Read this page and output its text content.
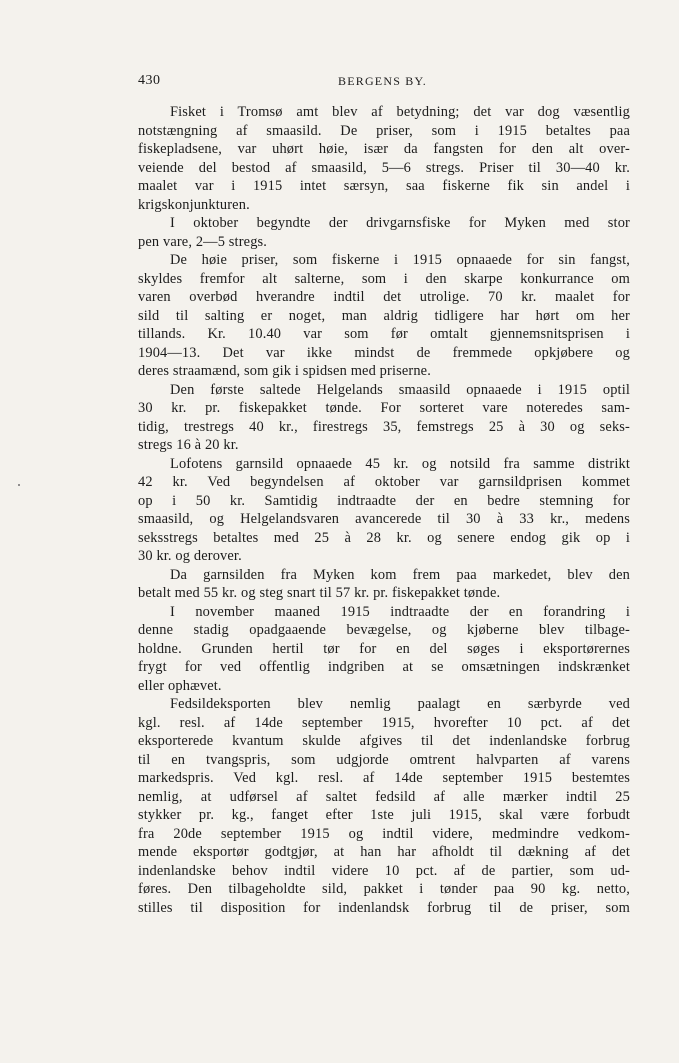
430	BERGENS BY.
Fisket i Tromsø amt blev af betydning; det var dog væsentlig
notstængning af smaasild. De priser, som i 1915 betaltes paa
fiskepladsene, var uhørt høie, især da fangsten for den alt over-
veiende del bestod af smaasild, 5—6 stregs. Priser til 30—40 kr.
maalet var i 1915 intet særsyn, saa fiskerne fik sin andel i
krigskonjunkturen.
I oktober begyndte der drivgarnsfiske for Myken med stor
pen vare, 2—5 stregs.
De høie priser, som fiskerne i 1915 opnaaede for sin fangst,
skyldes fremfor alt salterne, som i den skarpe konkurrance om
varen overbød hverandre indtil det utrolige. 70 kr. maalet for
sild til salting er noget, man aldrig tidligere har hørt om her
tillands. Kr. 10.40 var som før omtalt gjennemsnitsprisen i
1904—13. Det var ikke mindst de fremmede opkjøbere og
deres straamænd, som gik i spidsen med priserne.
Den første saltede Helgelands smaasild opnaaede i 1915 optil
30 kr. pr. fiskepakket tønde. For sorteret vare noteredes sam-
tidig, trestregs 40 kr., firestregs 35, femstregs 25 à 30 og seks-
stregs 16 à 20 kr.
Lofotens garnsild opnaaede 45 kr. og notsild fra samme distrikt
42 kr. Ved begyndelsen af oktober var garnsildprisen kommet
op i 50 kr. Samtidig indtraadte der en bedre stemning for
smaasild, og Helgelandsvaren avancerede til 30 à 33 kr., medens
seksstregs betaltes med 25 à 28 kr. og senere endog gik op i
30 kr. og derover.
Da garnsilden fra Myken kom frem paa markedet, blev den
betalt med 55 kr. og steg snart til 57 kr. pr. fiskepakket tønde.
I november maaned 1915 indtraadte der en forandring i
denne stadig opadgaaende bevægelse, og kjøberne blev tilbage-
holdne. Grunden hertil tør for en del søges i eksportørernes
frygt for ved offentlig indgriben at se omsætningen indskrænket
eller ophævet.
Fedsildeksporten blev nemlig paalagt en særbyrde ved
kgl. resl. af 14de september 1915, hvorefter 10 pct. af det
eksporterede kvantum skulde afgives til det indenlandske forbrug
til en tvangspris, som udgjorde omtrent halvparten af varens
markedspris. Ved kgl. resl. af 14de september 1915 bestemtes
nemlig, at udførsel af saltet fedsild af alle mærker indtil 25
stykker pr. kg., fanget efter 1ste juli 1915, skal være forbudt
fra 20de september 1915 og indtil videre, medmindre vedkom-
mende eksportør godtgjør, at han har afholdt til dækning af det
indenlandske behov indtil videre 10 pct. af de partier, som ud-
føres. Den tilbageholdte sild, pakket i tønder paa 90 kg. netto,
stilles til disposition for indenlandsk forbrug til de priser, som
